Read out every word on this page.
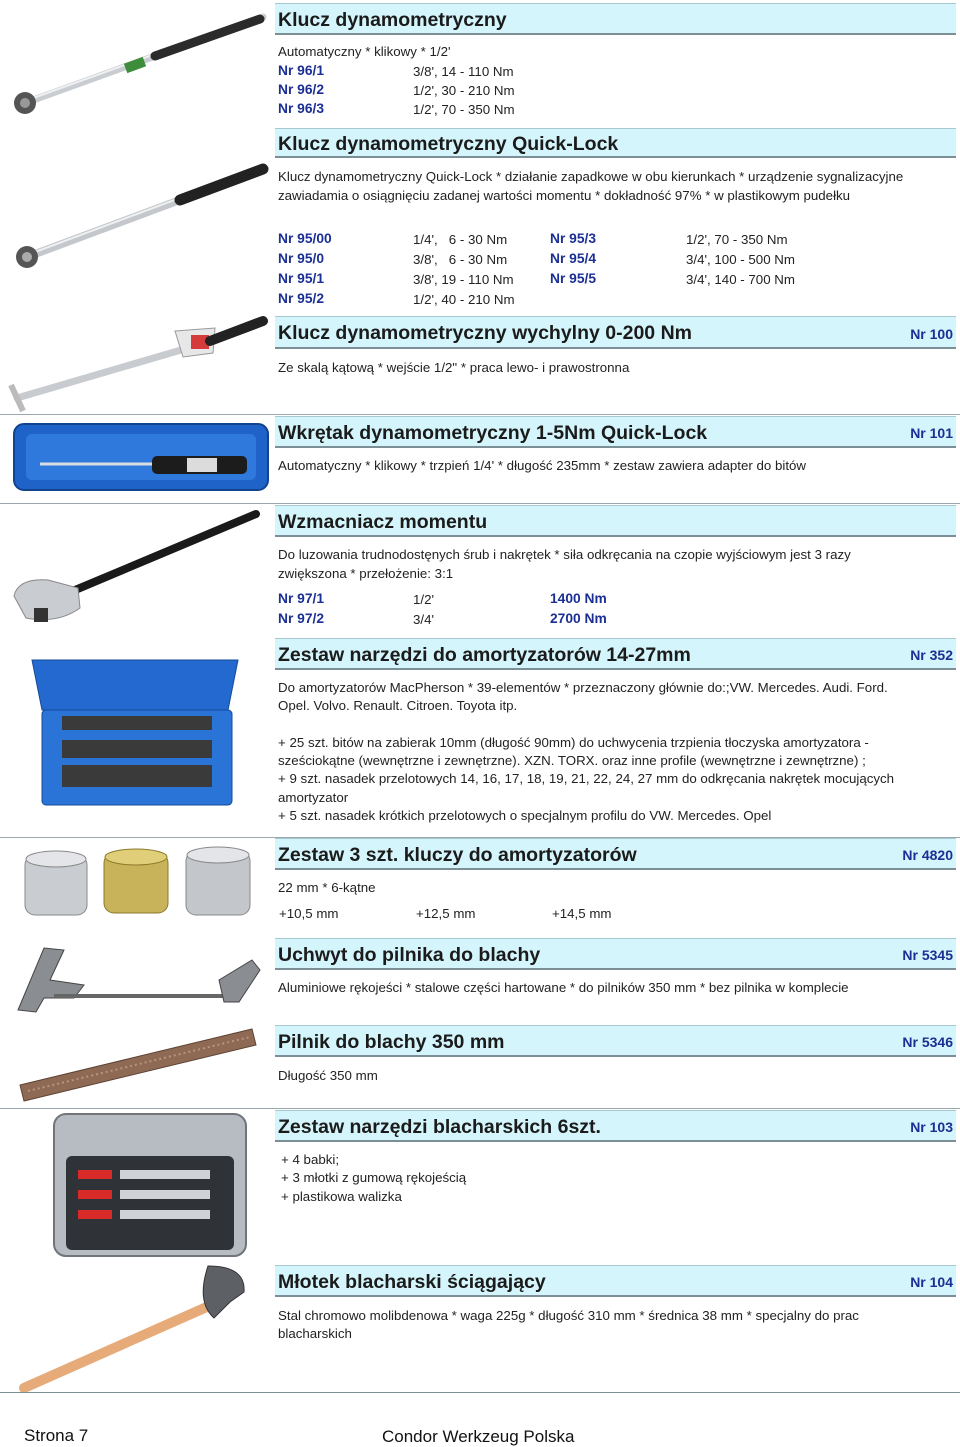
Klucz dynamometryczny
Automatyczny * klikowy * 1/2'
Nr 96/1	3/8', 14 - 110 Nm
Nr 96/2	1/2', 30 - 210 Nm
Nr 96/3	1/2', 70 - 350 Nm
Klucz dynamometryczny Quick-Lock
Klucz dynamometryczny Quick-Lock * działanie zapadkowe w obu kierunkach * urządzenie sygnalizacyjne
zawiadamia o osiągnięciu zadanej wartości momentu * dokładność 97% * w plastikowym pudełku
Nr 95/00	1/4',   6 - 30 Nm
Nr 95/0	3/8',   6 - 30 Nm
Nr 95/1	3/8', 19 - 110 Nm
Nr 95/2	1/2', 40 - 210 Nm
Nr 95/3	1/2', 70 - 350 Nm
Nr 95/4	3/4', 100 - 500 Nm
Nr 95/5	3/4', 140 - 700 Nm
Klucz dynamometryczny wychylny 0-200 Nm	Nr 100
Ze skalą kątową * wejście 1/2" * praca lewo- i prawostronna
Wkrętak dynamometryczny 1-5Nm Quick-Lock	Nr 101
Automatyczny * klikowy * trzpień 1/4' * długość 235mm * zestaw zawiera adapter do bitów
Wzmacniacz momentu
Do luzowania trudnodostęnych śrub i nakrętek * siła odkręcania na czopie wyjściowym jest 3 razy
zwiększona * przełożenie: 3:1
Nr 97/1	1/2'	1400 Nm
Nr 97/2	3/4'	2700 Nm
Zestaw narzędzi do amortyzatorów 14-27mm	Nr 352
Do amortyzatorów MacPherson * 39-elementów * przeznaczony głównie do:;VW. Mercedes. Audi. Ford.
Opel. Volvo. Renault. Citroen. Toyota itp.
+ 25 szt. bitów na zabierak 10mm (długość 90mm) do uchwycenia trzpienia tłoczyska amortyzatora -
sześciokątne (wewnętrzne i zewnętrzne). XZN. TORX. oraz inne profile (wewnętrzne i zewnętrzne) ;
+ 9 szt. nasadek przelotowych 14, 16, 17, 18, 19, 21, 22, 24, 27 mm do odkręcania nakrętek mocujących
amortyzator
+ 5 szt. nasadek krótkich przelotowych o specjalnym profilu do VW. Mercedes. Opel
Zestaw 3 szt. kluczy do amortyzatorów	Nr 4820
22 mm * 6-kątne
+10,5 mm	+12,5 mm	+14,5 mm
Uchwyt do pilnika do blachy	Nr 5345
Aluminiowe rękojeści * stalowe części hartowane * do pilników 350 mm * bez pilnika w komplecie
Pilnik do blachy 350 mm	Nr 5346
Długość 350 mm
Zestaw narzędzi blacharskich 6szt.	Nr 103
+ 4 babki;
+ 3 młotki z gumową rękojeścią
+ plastikowa walizka
Młotek blacharski ściągający	Nr 104
Stal chromowo molibdenowa * waga 225g * długość 310 mm * średnica 38 mm * specjalny do prac
blacharskich
Strona 7	Condor Werkzeug Polska
